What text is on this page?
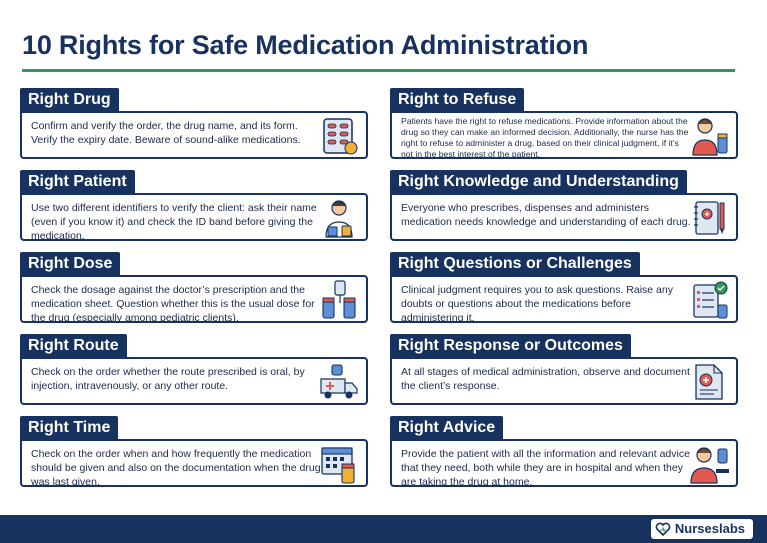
10 Rights for Safe Medication Administration
Right Drug
Confirm and verify the order, the drug name, and its form. Verify the expiry date. Beware of sound-alike medications.
Right to Refuse
Patients have the right to refuse medications. Provide information about the drug so they can make an informed decision. Additionally, the nurse has the right to refuse to administer a drug, based on their clinical judgment, if it’s not in the best interest of the patient.
Right Patient
Use two different identifiers to verify the client: ask their name (even if you know it) and check the ID band before giving the medication.
Right Knowledge and Understanding
Everyone who prescribes, dispenses and administers medication needs knowledge and understanding of each drug.
Right Dose
Check the dosage against the doctor’s prescription and the medication sheet. Question whether this is the usual dose for the drug (especially among pediatric clients).
Right Questions or Challenges
Clinical judgment requires you to ask questions. Raise any doubts or questions about the medications before administering it.
Right Route
Check on the order whether the route prescribed is oral, by injection, intravenously, or any other route.
Right Response or Outcomes
At all stages of medical administration, observe and document the client’s response.
Right Time
Check on the order when and how frequently the medication should be given and also on the documentation when the drug was last given.
Right Advice
Provide the patient with all the information and relevant advice that they need, both while they are in hospital and when they are taking the drug at home.
Nurseslabs
